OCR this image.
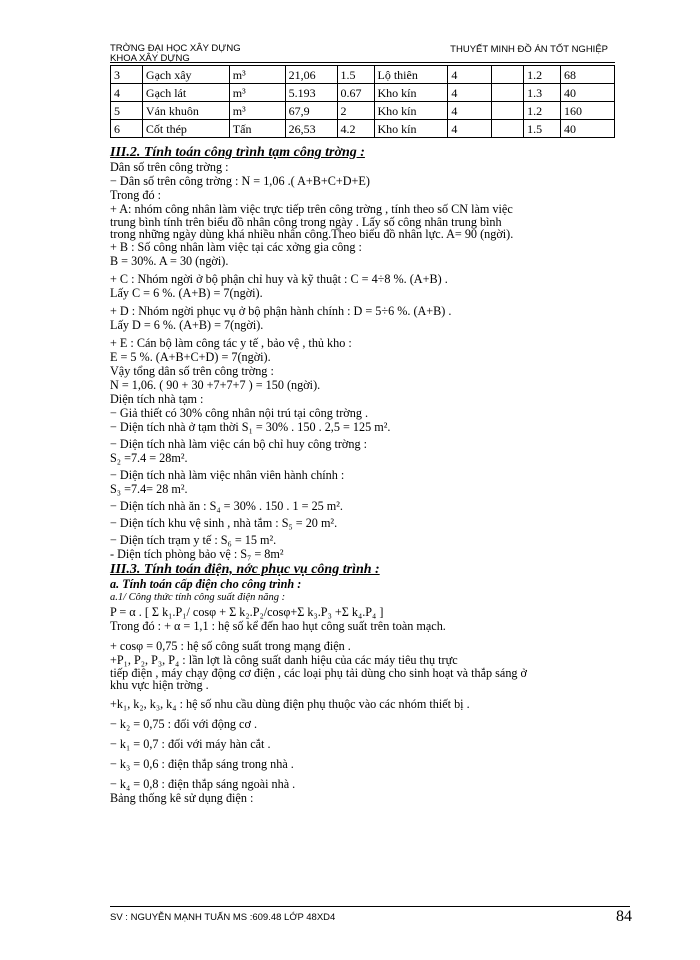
TRỜNG ĐẠI HỌC XÂY DỰNG
KHOA XÂY DỰNG
THUYẾT MINH ĐỒ ÁN TỐT NGHIỆP
3	Gạch xây	m³	21,06	1.5	Lộ thiên	4		1.2	68
4	Gạch lát	m³	5.193	0.67	Kho kín	4		1.3	40
5	Ván khuôn	m³	67,9	2	Kho kín	4		1.2	160
6	Cốt thép	Tấn	26,53	4.2	Kho kín	4		1.5	40

III.2. Tính toán công trình tạm công trờng :

Dân số trên công trờng :

− Dân số trên công trờng : N = 1,06 .( A+B+C+D+E)

Trong đó :

+ A: nhóm công nhân làm việc trực tiếp trên công trờng , tính theo số CN làm việc

trung bình tính trên biểu đồ nhân công trong ngày . Lấy số công nhân trung bình

trong những ngày dùng khá nhiều nhân công.Theo biểu đồ nhân lực. A= 90 (ngời).

+ B : Số công nhân làm việc tại các xởng gia công :

B = 30%. A = 30 (ngời).

+ C : Nhóm ngời ở bộ phận chỉ huy và kỹ thuật : C = 4÷8 %. (A+B) .

Lấy C = 6 %. (A+B) = 7(ngời).

+ D : Nhóm ngời phục vụ ở bộ phận hành chính : D = 5÷6 %. (A+B) .

Lấy D = 6 %. (A+B) = 7(ngời).

+ E : Cán bộ làm công tác y tế , bảo vệ , thủ kho :

E = 5 %. (A+B+C+D) = 7(ngời).

Vậy tổng dân số trên công trờng :

N = 1,06. ( 90 + 30 +7+7+7 ) = 150 (ngời).

Diện tích nhà tạm :

− Giả thiết có 30% công nhân nội trú tại công trờng .

− Diện tích nhà ở tạm thời S₁ = 30% . 150 . 2,5 = 125 m².

− Diện tích nhà làm việc cán bộ chỉ huy công trờng :

S₂ =7.4 = 28m².

− Diện tích nhà làm việc nhân viên hành chính :

S₃ =7.4= 28 m².

− Diện tích nhà ăn : S₄ = 30% . 150 . 1 = 25 m².

− Diện tích khu vệ sinh , nhà tắm : S₅ = 20 m².

− Diện tích trạm y tế : S₆ = 15 m².

- Diện tích phòng bảo vệ : S₇ = 8m²

III.3. Tính toán điện, nớc phục vụ công trình :

a. Tính toán cấp điện cho công trình :

a.1/ Công thức tính công suất điện năng :

P = α . [ Σ k₁.P₁/ cosφ + Σ k₂.P₂/cosφ+Σ k₃.P₃ +Σ k₄.P₄ ]

Trong đó : + α = 1,1 : hệ số kể đến hao hụt công suất trên toàn mạch.

+ cosφ = 0,75 : hệ số công suất trong mạng điện .

+P₁, P₂, P₃, P₄ : lần lợt là công suất danh hiệu của các máy tiêu thụ trực

tiếp điện , máy chạy động cơ điện , các loại phụ tải dùng cho sinh hoạt và thắp sáng ở

khu vực hiện trờng .

+k₁, k₂, k₃, k₄ : hệ số nhu cầu dùng điện phụ thuộc vào các nhóm thiết bị .

− k₂ = 0,75 : đối với động cơ .

− k₁ = 0,7 : đối với máy hàn cắt .

− k₃ = 0,6 : điện thắp sáng trong nhà .

− k₄ = 0,8 : điện thắp sáng ngoài nhà .

Bảng thống kê sử dụng điện :

SV : NGUYỄN MẠNH TUẤN MS :609.48 LỚP 48XD4	84
